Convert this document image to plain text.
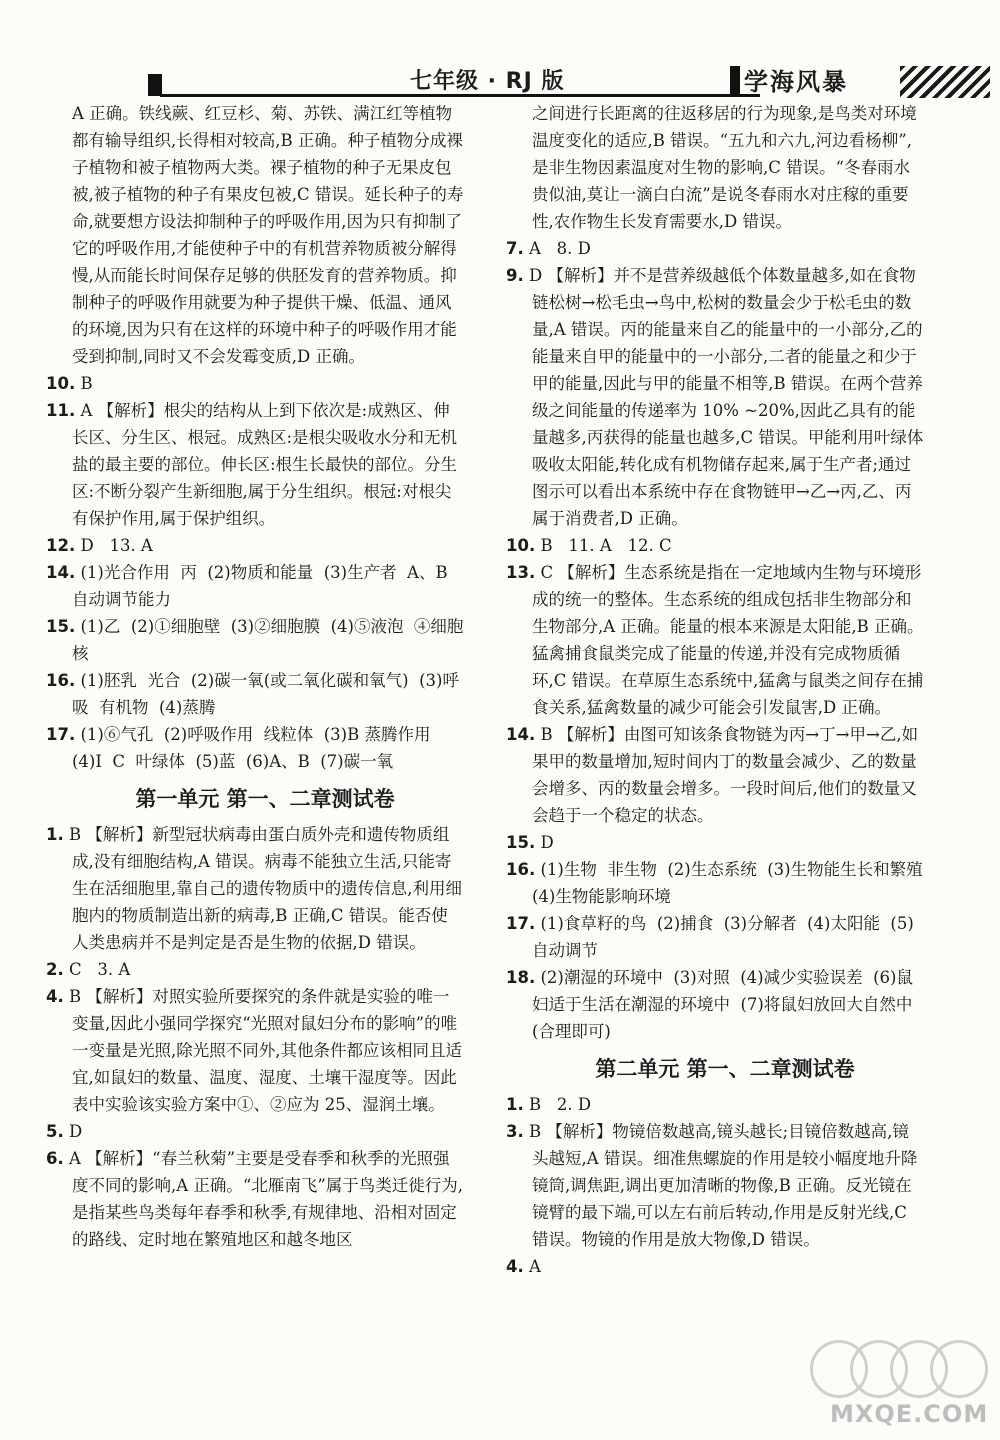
七年级 · RJ 版	学海风暴

A 正确。铁线蕨、红豆杉、菊、苏铁、满江红等植物都有输导组织,长得相对较高,B 正确。种子植物分成裸子植物和被子植物两大类。裸子植物的种子无果皮包被,被子植物的种子有果皮包被,C 错误。延长种子的寿命,就要想方设法抑制种子的呼吸作用,因为只有抑制了它的呼吸作用,才能使种子中的有机营养物质被分解得慢,从而能长时间保存足够的供胚发育的营养物质。抑制种子的呼吸作用就要为种子提供干燥、低温、通风的环境,因为只有在这样的环境中种子的呼吸作用才能受到抑制,同时又不会发霉变质,D 正确。

10. B

11. A 【解析】根尖的结构从上到下依次是:成熟区、伸长区、分生区、根冠。成熟区:是根尖吸收水分和无机盐的最主要的部位。伸长区:根生长最快的部位。分生区:不断分裂产生新细胞,属于分生组织。根冠:对根尖有保护作用,属于保护组织。

12. D   13. A

14. (1)光合作用  丙  (2)物质和能量  (3)生产者  A、B  自动调节能力

15. (1)乙  (2)①细胞壁  (3)②细胞膜  (4)⑤液泡  ④细胞核

16. (1)胚乳  光合  (2)碳一氧(或二氧化碳和氧气)  (3)呼吸  有机物  (4)蒸腾

17. (1)⑥气孔  (2)呼吸作用  线粒体  (3)B 蒸腾作用  (4)I  C  叶绿体  (5)蓝  (6)A、B  (7)碳一氧

第一单元 第一、二章测试卷

1. B 【解析】新型冠状病毒由蛋白质外壳和遗传物质组成,没有细胞结构,A 错误。病毒不能独立生活,只能寄生在活细胞里,靠自己的遗传物质中的遗传信息,利用细胞内的物质制造出新的病毒,B 正确,C 错误。能否使人类患病并不是判定是否是生物的依据,D 错误。

2. C   3. A

4. B 【解析】对照实验所要探究的条件就是实验的唯一变量,因此小强同学探究“光照对鼠妇分布的影响”的唯一变量是光照,除光照不同外,其他条件都应该相同且适宜,如鼠妇的数量、温度、湿度、土壤干湿度等。因此表中实验该实验方案中①、②应为 25、湿润土壤。

5. D

6. A 【解析】“春兰秋菊”主要是受春季和秋季的光照强度不同的影响,A 正确。“北雁南飞”属于鸟类迁徙行为,是指某些鸟类每年春季和秋季,有规律地、沿相对固定的路线、定时地在繁殖地区和越冬地区

之间进行长距离的往返移居的行为现象,是鸟类对环境温度变化的适应,B 错误。“五九和六九,河边看杨柳”,是非生物因素温度对生物的影响,C 错误。“冬春雨水贵似油,莫让一滴白白流”是说冬春雨水对庄稼的重要性,农作物生长发育需要水,D 错误。

7. A   8. D

9. D 【解析】并不是营养级越低个体数量越多,如在食物链松树→松毛虫→鸟中,松树的数量会少于松毛虫的数量,A 错误。丙的能量来自乙的能量中的一小部分,乙的能量来自甲的能量中的一小部分,二者的能量之和少于甲的能量,因此与甲的能量不相等,B 错误。在两个营养级之间能量的传递率为 10% ~20%,因此乙具有的能量越多,丙获得的能量也越多,C 错误。甲能利用叶绿体吸收太阳能,转化成有机物储存起来,属于生产者;通过图示可以看出本系统中存在食物链甲→乙→丙,乙、丙属于消费者,D 正确。

10. B   11. A   12. C

13. C 【解析】生态系统是指在一定地域内生物与环境形成的统一的整体。生态系统的组成包括非生物部分和生物部分,A 正确。能量的根本来源是太阳能,B 正确。猛禽捕食鼠类完成了能量的传递,并没有完成物质循环,C 错误。在草原生态系统中,猛禽与鼠类之间存在捕食关系,猛禽数量的减少可能会引发鼠害,D 正确。

14. B 【解析】由图可知该条食物链为丙→丁→甲→乙,如果甲的数量增加,短时间内丁的数量会减少、乙的数量会增多、丙的数量会增多。一段时间后,他们的数量又会趋于一个稳定的状态。

15. D

16. (1)生物  非生物  (2)生态系统  (3)生物能生长和繁殖  (4)生物能影响环境

17. (1)食草籽的鸟  (2)捕食  (3)分解者  (4)太阳能  (5)自动调节

18. (2)潮湿的环境中  (3)对照  (4)减少实验误差  (6)鼠妇适于生活在潮湿的环境中  (7)将鼠妇放回大自然中(合理即可)

第二单元 第一、二章测试卷

1. B   2. D

3. B 【解析】物镜倍数越高,镜头越长;目镜倍数越高,镜头越短,A 错误。细准焦螺旋的作用是较小幅度地升降镜筒,调焦距,调出更加清晰的物像,B 正确。反光镜在镜臂的最下端,可以左右前后转动,作用是反射光线,C 错误。物镜的作用是放大物像,D 错误。

4. A

MXQE.COM
